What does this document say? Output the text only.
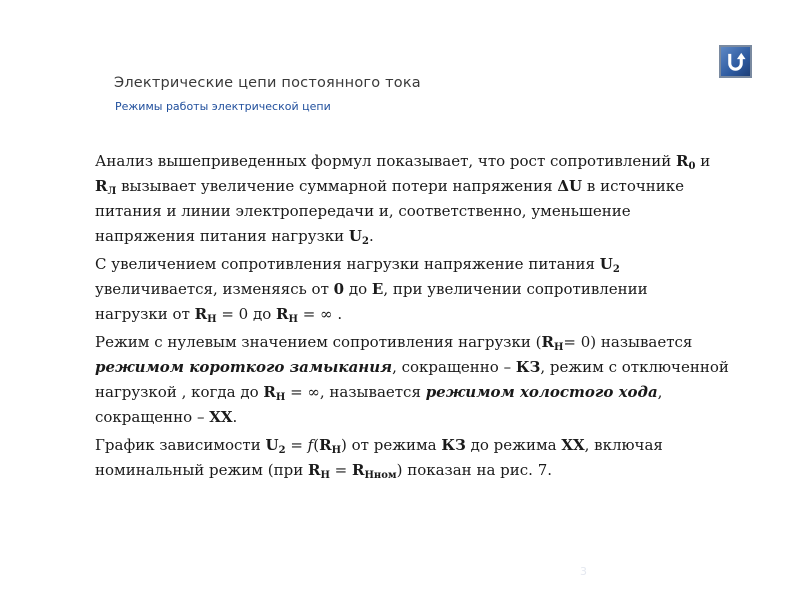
Электрические цепи постоянного тока
Режимы работы электрической цепи
Анализ вышеприведенных формул показывает, что рост сопротивлений $R_0$ и
$R_Л$ вызывает увеличение суммарной потери напряжения ΔU в источнике
питания и линии электропередачи и, соответственно, уменьшение
напряжения питания нагрузки $U_2$.
С увеличением сопротивления нагрузки напряжение питания $U_2$
увеличивается, изменяясь от 0 до Е, при увеличении сопротивлении
нагрузки от $R_Н = 0$ до $R_Н$ = ∞ .
Режим с нулевым значением сопротивления нагрузки $(R_Н= 0)$ называется
режимом короткого замыкания, сокращенно – КЗ, режим с отключенной
нагрузкой , когда до $R_Н$ = ∞, называется режимом холостого хода,
сокращенно – ХХ.
График зависимости $U_2 = f(R_Н)$ от режима КЗ до режима ХХ, включая
номинальный режим (при $R_Н = R_{Нном}$) показан на рис. 7.
3
